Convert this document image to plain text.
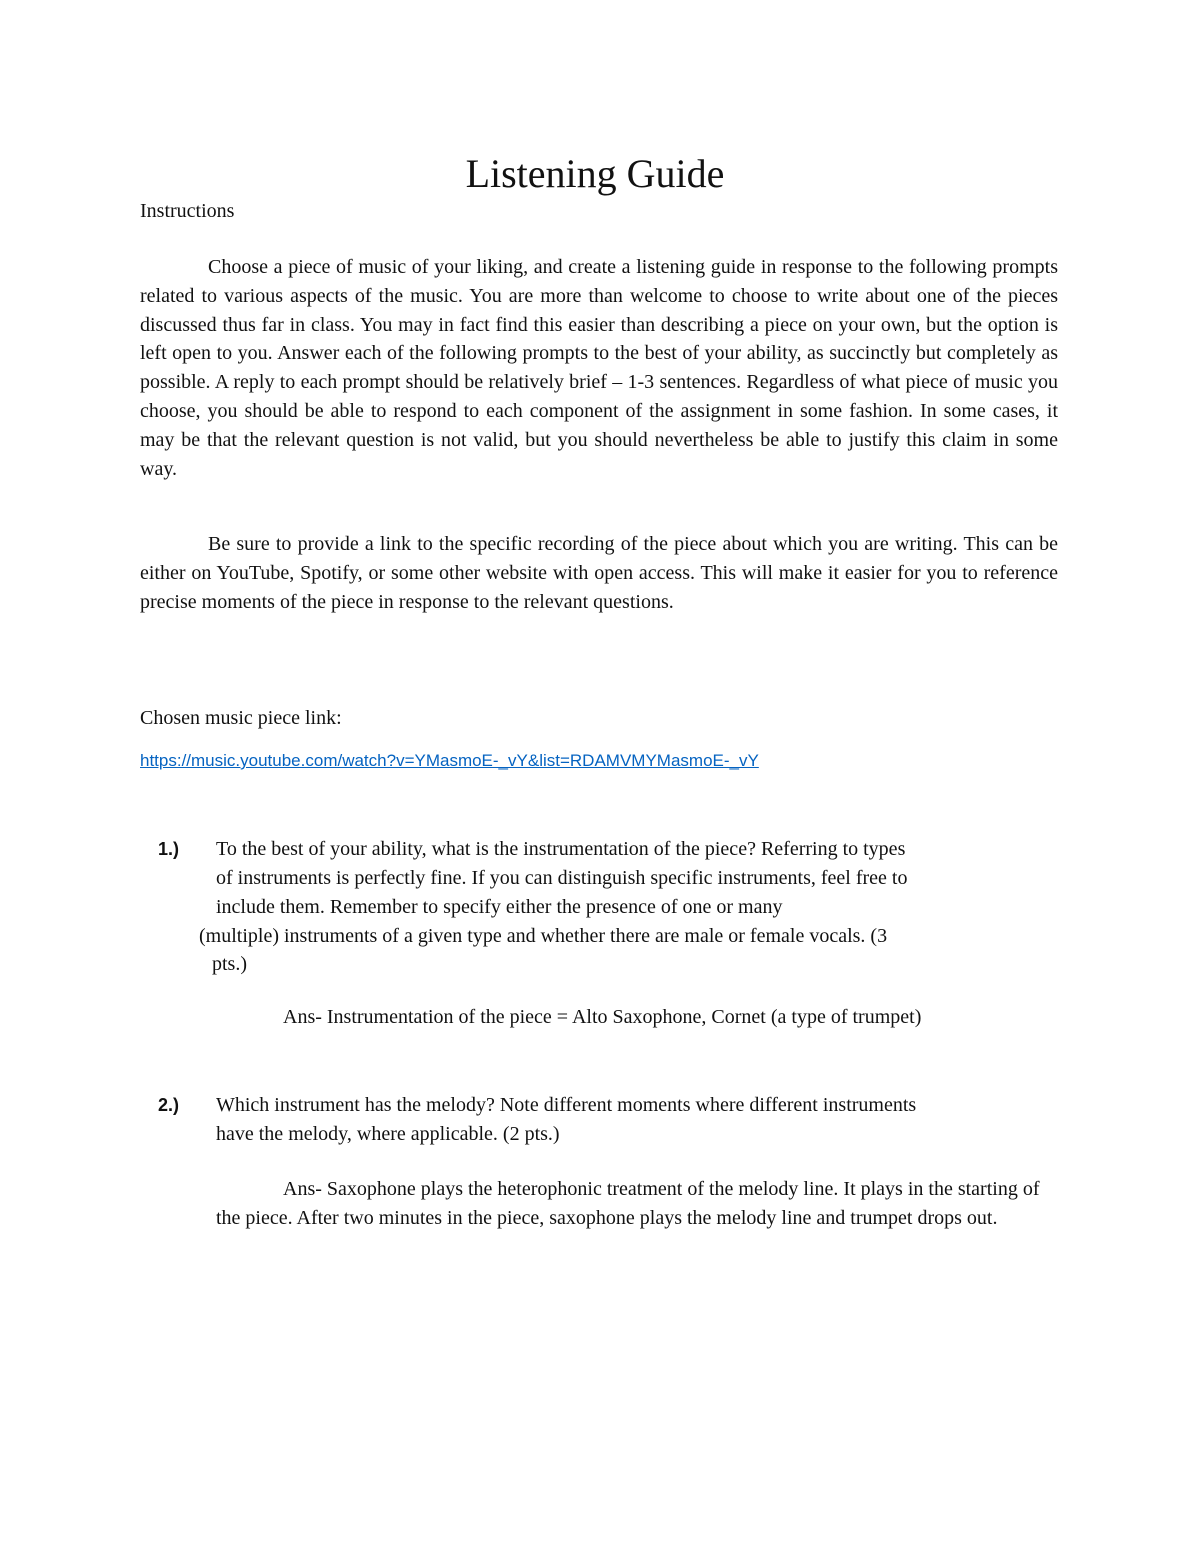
Listening Guide
Instructions

Choose a piece of music of your liking, and create a listening guide in response to the following prompts related to various aspects of the music. You are more than welcome to choose to write about one of the pieces discussed thus far in class. You may in fact find this easier than describing a piece on your own, but the option is left open to you. Answer each of the following prompts to the best of your ability, as succinctly but completely as possible. A reply to each prompt should be relatively brief – 1-3 sentences. Regardless of what piece of music you choose, you should be able to respond to each component of the assignment in some fashion. In some cases, it may be that the relevant question is not valid, but you should nevertheless be able to justify this claim in some way.

Be sure to provide a link to the specific recording of the piece about which you are writing. This can be either on YouTube, Spotify, or some other website with open access. This will make it easier for you to reference precise moments of the piece in response to the relevant questions.

Chosen music piece link:
https://music.youtube.com/watch?v=YMasmoE-_vY&list=RDAMVMYMasmoE-_vY
1.) To the best of your ability, what is the instrumentation of the piece? Referring to types
of instruments is perfectly fine. If you can distinguish specific instruments, feel free to
include them. Remember to specify either the presence of one or many
(multiple) instruments of a given type and whether there are male or female vocals. (3
pts.)
Ans- Instrumentation of the piece = Alto Saxophone, Cornet (a type of trumpet)
2.) Which instrument has the melody? Note different moments where different instruments
have the melody, where applicable. (2 pts.)

Ans- Saxophone plays the heterophonic treatment of the melody line. It plays in the starting of the piece. After two minutes in the piece, saxophone plays the melody line and trumpet drops out.
